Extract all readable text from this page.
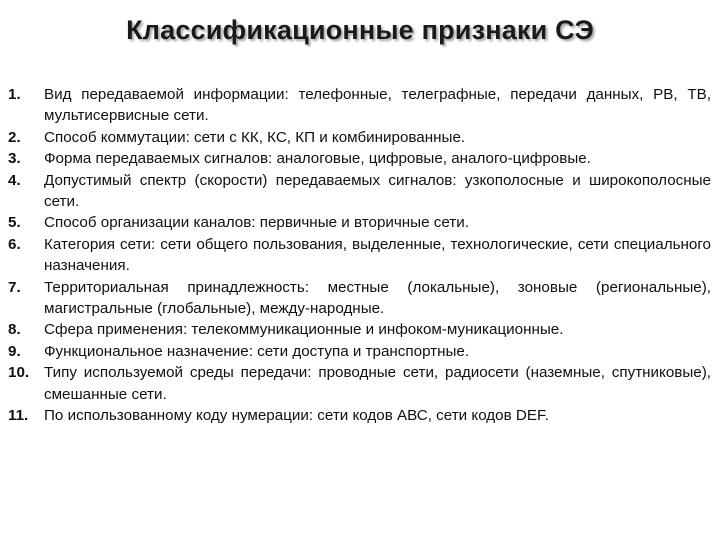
Классификационные признаки СЭ
1. Вид передаваемой информации: телефонные, телеграфные, передачи данных, РВ, ТВ, мультисервисные сети.
2. Способ коммутации: сети с КК, КС, КП и комбинированные.
3. Форма передаваемых сигналов: аналоговые, цифровые, аналого-цифровые.
4. Допустимый спектр (скорости) передаваемых сигналов: узкополосные и широкополосные сети.
5. Способ организации каналов: первичные и вторичные сети.
6. Категория сети: сети общего пользования, выделенные, технологические, сети специального назначения.
7. Территориальная принадлежность: местные (локальные), зоновые (региональные), магистральные (глобальные), между-народные.
8. Сфера применения: телекоммуникационные и инфоком-муникационные.
9. Функциональное назначение: сети доступа и транспортные.
10. Типу используемой среды передачи: проводные сети, радиосети (наземные, спутниковые), смешанные сети.
11. По использованному коду нумерации: сети кодов АВС, сети кодов DEF.
